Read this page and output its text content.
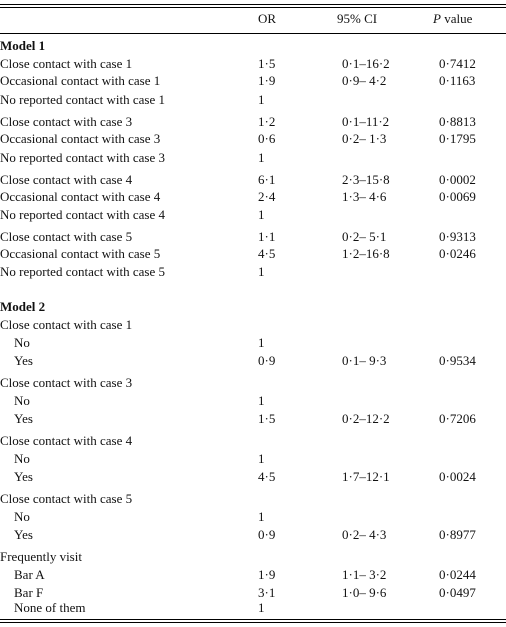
OR	95% CI	P value
Model 1
Close contact with case 1	1·5	0·1–16·2	0·7412
Occasional contact with case 1	1·9	0·9– 4·2	0·1163
No reported contact with case 1	1
Close contact with case 3	1·2	0·1–11·2	0·8813
Occasional contact with case 3	0·6	0·2– 1·3	0·1795
No reported contact with case 3	1
Close contact with case 4	6·1	2·3–15·8	0·0002
Occasional contact with case 4	2·4	1·3– 4·6	0·0069
No reported contact with case 4	1
Close contact with case 5	1·1	0·2– 5·1	0·9313
Occasional contact with case 5	4·5	1·2–16·8	0·0246
No reported contact with case 5	1
Model 2
Close contact with case 1
No	1
Yes	0·9	0·1– 9·3	0·9534
Close contact with case 3
No	1
Yes	1·5	0·2–12·2	0·7206
Close contact with case 4
No	1
Yes	4·5	1·7–12·1	0·0024
Close contact with case 5
No	1
Yes	0·9	0·2– 4·3	0·8977
Frequently visit
Bar A	1·9	1·1– 3·2	0·0244
Bar F	3·1	1·0– 9·6	0·0497
None of them	1
